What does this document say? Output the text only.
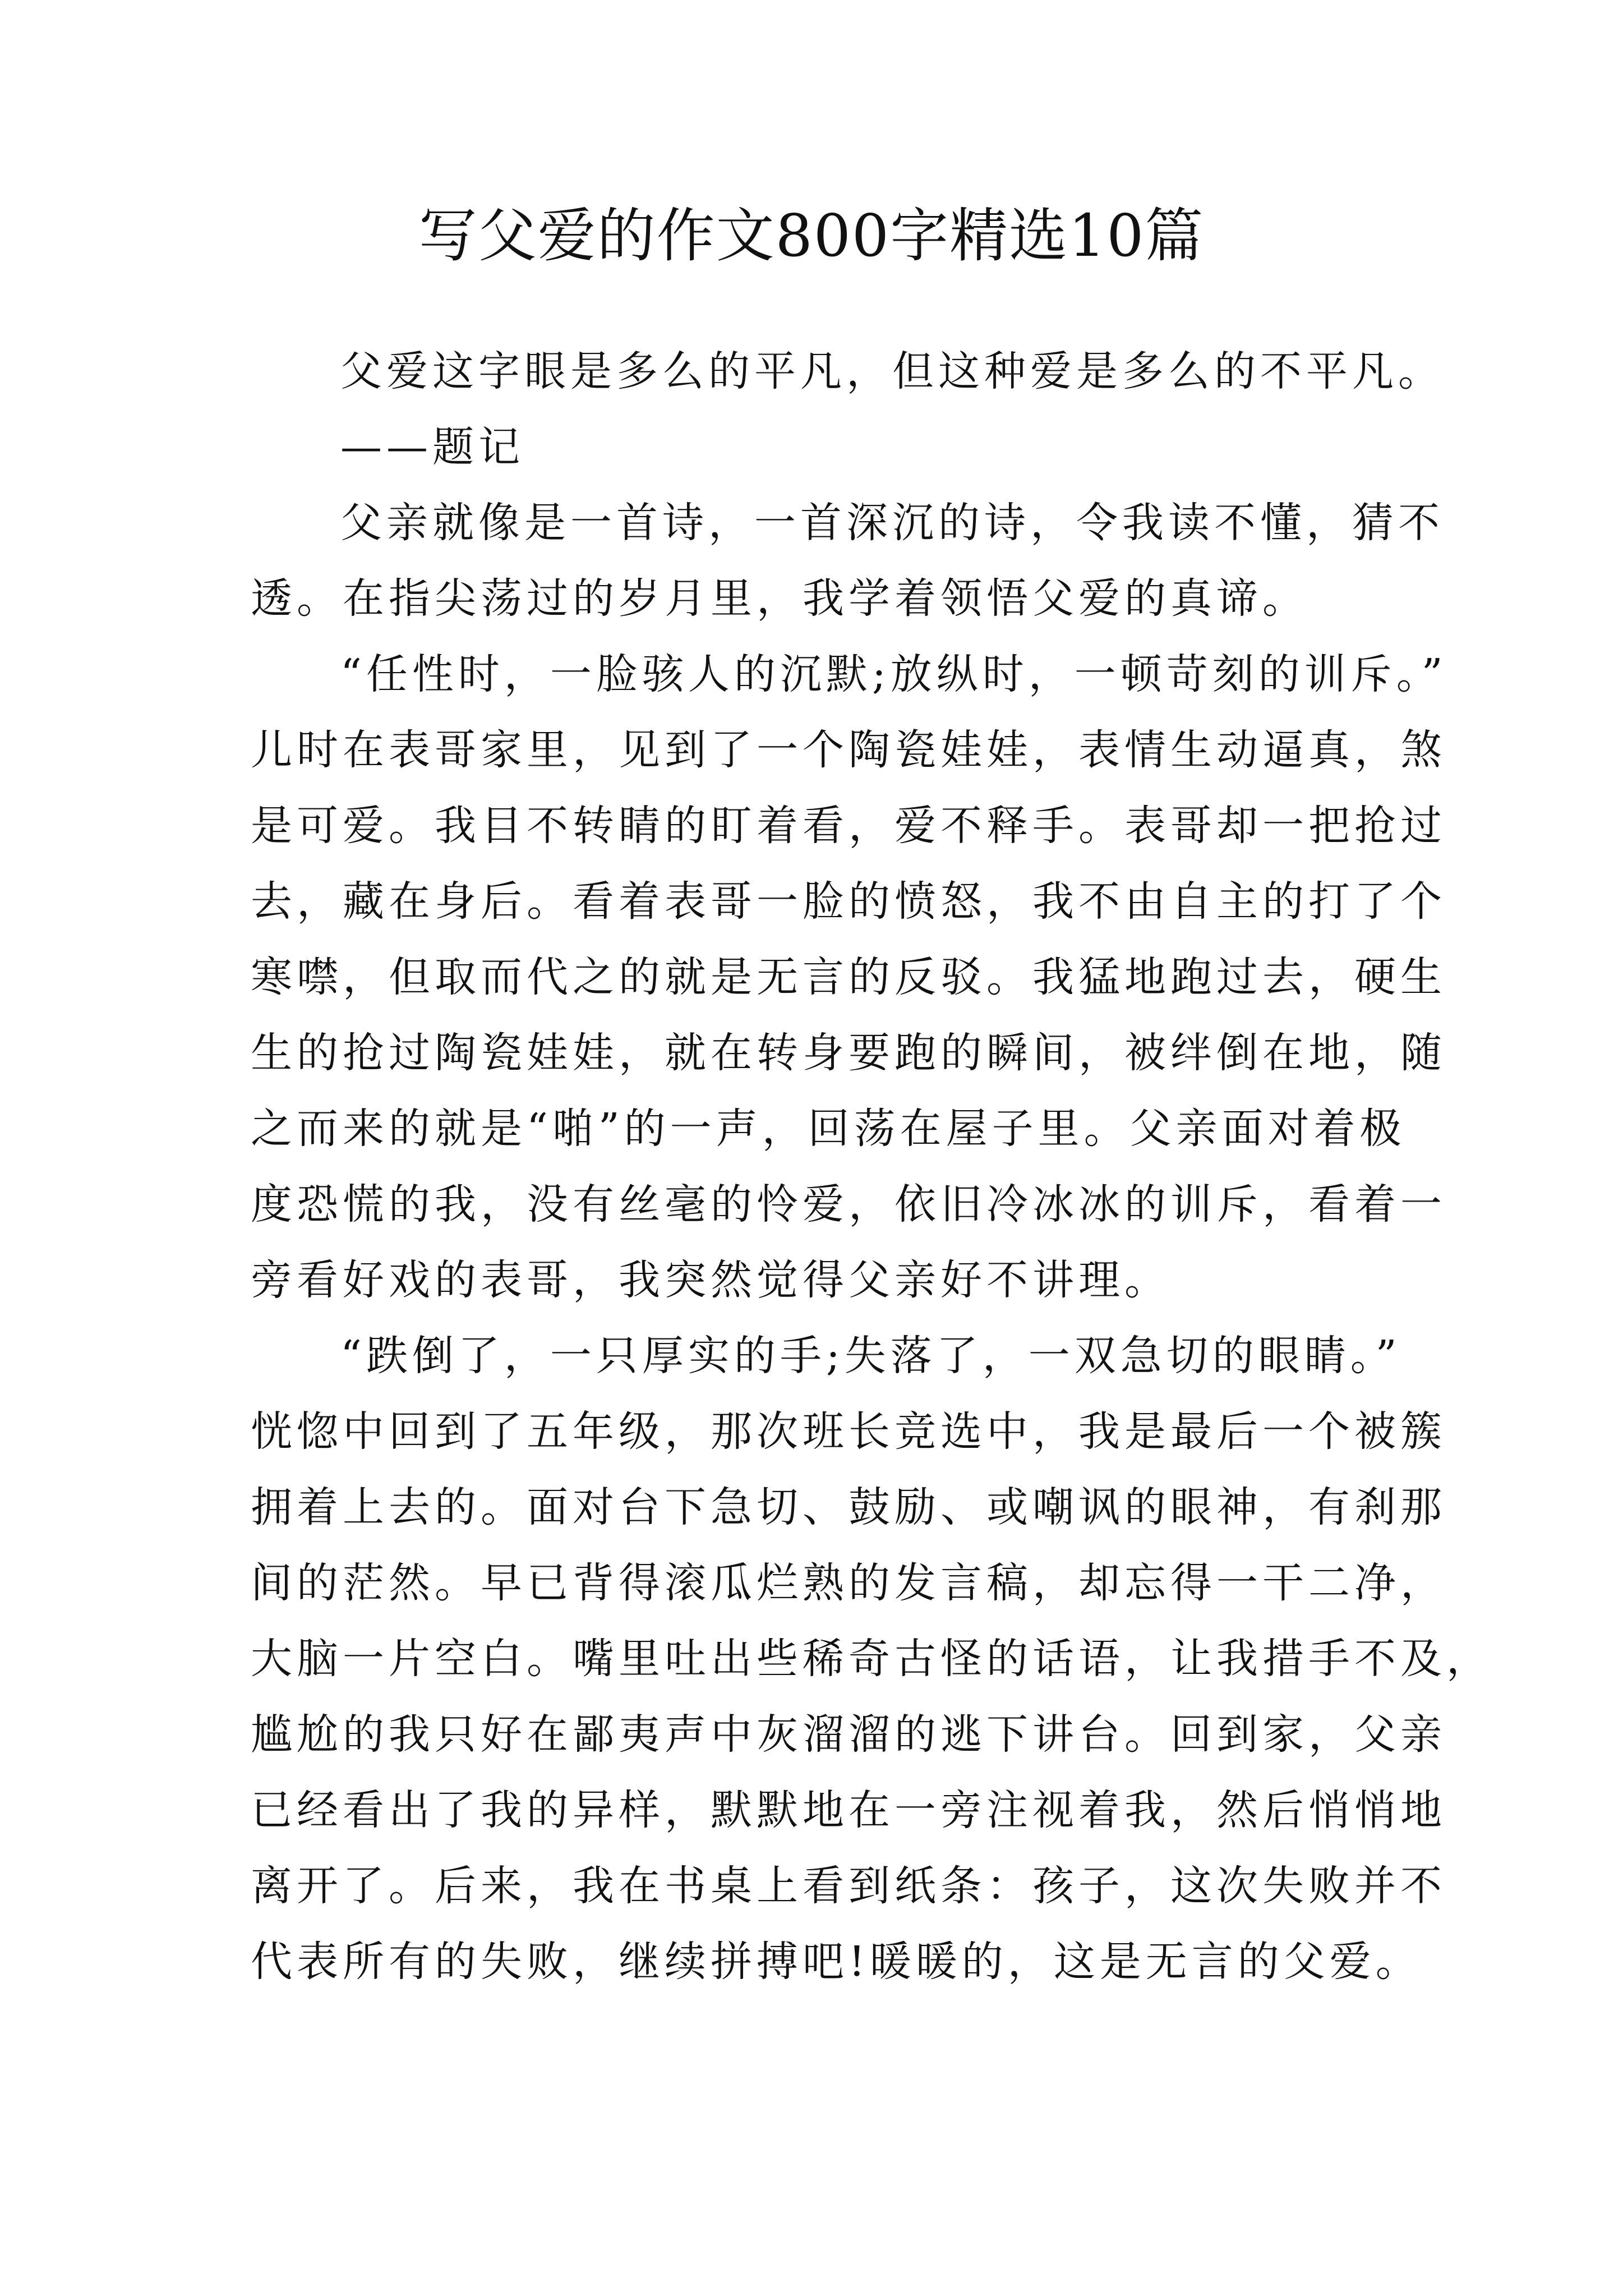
写父爱的作文800字精选10篇
父爱这字眼是多么的平凡，但这种爱是多么的不平凡。
——题记
父亲就像是一首诗，一首深沉的诗，令我读不懂，猜不
透。在指尖荡过的岁月里，我学着领悟父爱的真谛。
“任性时，一脸骇人的沉默;放纵时，一顿苛刻的训斥。”
儿时在表哥家里，见到了一个陶瓷娃娃，表情生动逼真，煞
是可爱。我目不转睛的盯着看，爱不释手。表哥却一把抢过
去，藏在身后。看着表哥一脸的愤怒，我不由自主的打了个
寒噤，但取而代之的就是无言的反驳。我猛地跑过去，硬生
生的抢过陶瓷娃娃，就在转身要跑的瞬间，被绊倒在地，随
之而来的就是“啪”的一声，回荡在屋子里。父亲面对着极
度恐慌的我，没有丝毫的怜爱，依旧冷冰冰的训斥，看着一
旁看好戏的表哥，我突然觉得父亲好不讲理。
“跌倒了，一只厚实的手;失落了，一双急切的眼睛。”
恍惚中回到了五年级，那次班长竞选中，我是最后一个被簇
拥着上去的。面对台下急切、鼓励、或嘲讽的眼神，有刹那
间的茫然。早已背得滚瓜烂熟的发言稿，却忘得一干二净，
大脑一片空白。嘴里吐出些稀奇古怪的话语，让我措手不及，
尴尬的我只好在鄙夷声中灰溜溜的逃下讲台。回到家，父亲
已经看出了我的异样，默默地在一旁注视着我，然后悄悄地
离开了。后来，我在书桌上看到纸条：孩子，这次失败并不
代表所有的失败，继续拼搏吧!暖暖的，这是无言的父爱。
